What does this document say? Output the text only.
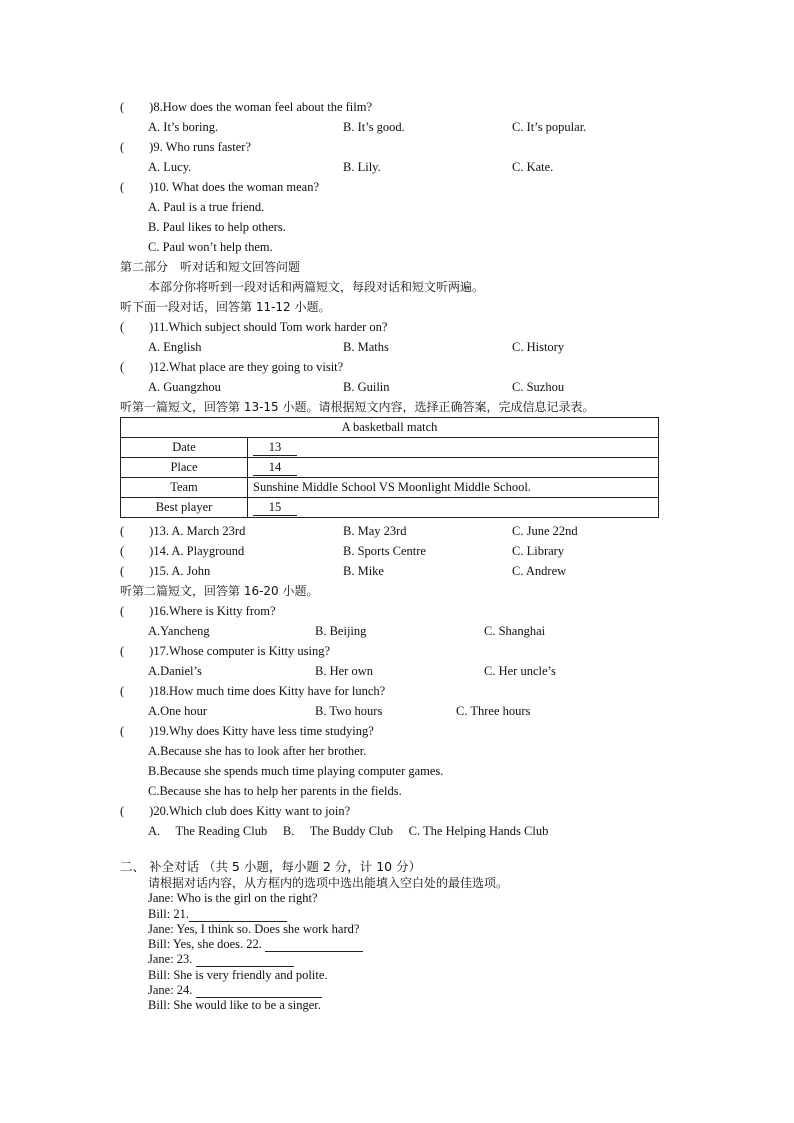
(　　)8.How does the woman feel about the film?
A. It’s boring.	B. It’s good.	C. It’s popular.
(　　)9. Who runs faster?
A. Lucy.	B. Lily.	C. Kate.
(　　)10. What does the woman mean?
A. Paul is a true friend.
B. Paul likes to help others.
C. Paul won’t help them.
第二部分　听对话和短文回答问题
本部分你将听到一段对话和两篇短文，每段对话和短文听两遍。
听下面一段对话，回答第 11-12 小题。
(　　)11.Which subject should Tom work harder on?
A. English	B. Maths	C. History
(　　)12.What place are they going to visit?
A. Guangzhou	B. Guilin	C. Suzhou
听第一篇短文，回答第 13-15 小题。请根据短文内容，选择正确答案，完成信息记录表。
A basketball match	
Date	13
Place	14
Team	Sunshine Middle School VS Moonlight Middle School.
Best player	15
(　　)13. A. March 23rd	B. May 23rd	C. June 22nd
(　　)14. A. Playground	B. Sports Centre	C. Library
(　　)15. A. John	B. Mike	C. Andrew
听第二篇短文，回答第 16-20 小题。
(　　)16.Where is Kitty from?
A.Yancheng	B. Beijing	C. Shanghai
(　　)17.Whose computer is Kitty using?
A.Daniel’s	B. Her own	C. Her uncle’s
(　　)18.How much time does Kitty have for lunch?
A.One hour	B. Two hours	C. Three hours
(　　)19.Why does Kitty have less time studying?
A.Because she has to look after her brother.
B.Because she spends much time playing computer games.
C.Because she has to help her parents in the fields.
(　　)20.Which club does Kitty want to join?
A.　 The Reading Club　 B.　 The Buddy Club　 C. The Helping Hands Club
二、 补全对话 （共 5 小题，每小题 2 分，计 10 分）
请根据对话内容，从方框内的选项中选出能填入空白处的最佳选项。
Jane: Who is the girl on the right?
Bill: 21.
Jane: Yes, I think so. Does she work hard?
Bill: Yes, she does. 22.
Jane: 23.
Bill: She is very friendly and polite.
Jane: 24.
Bill: She would like to be a singer.
